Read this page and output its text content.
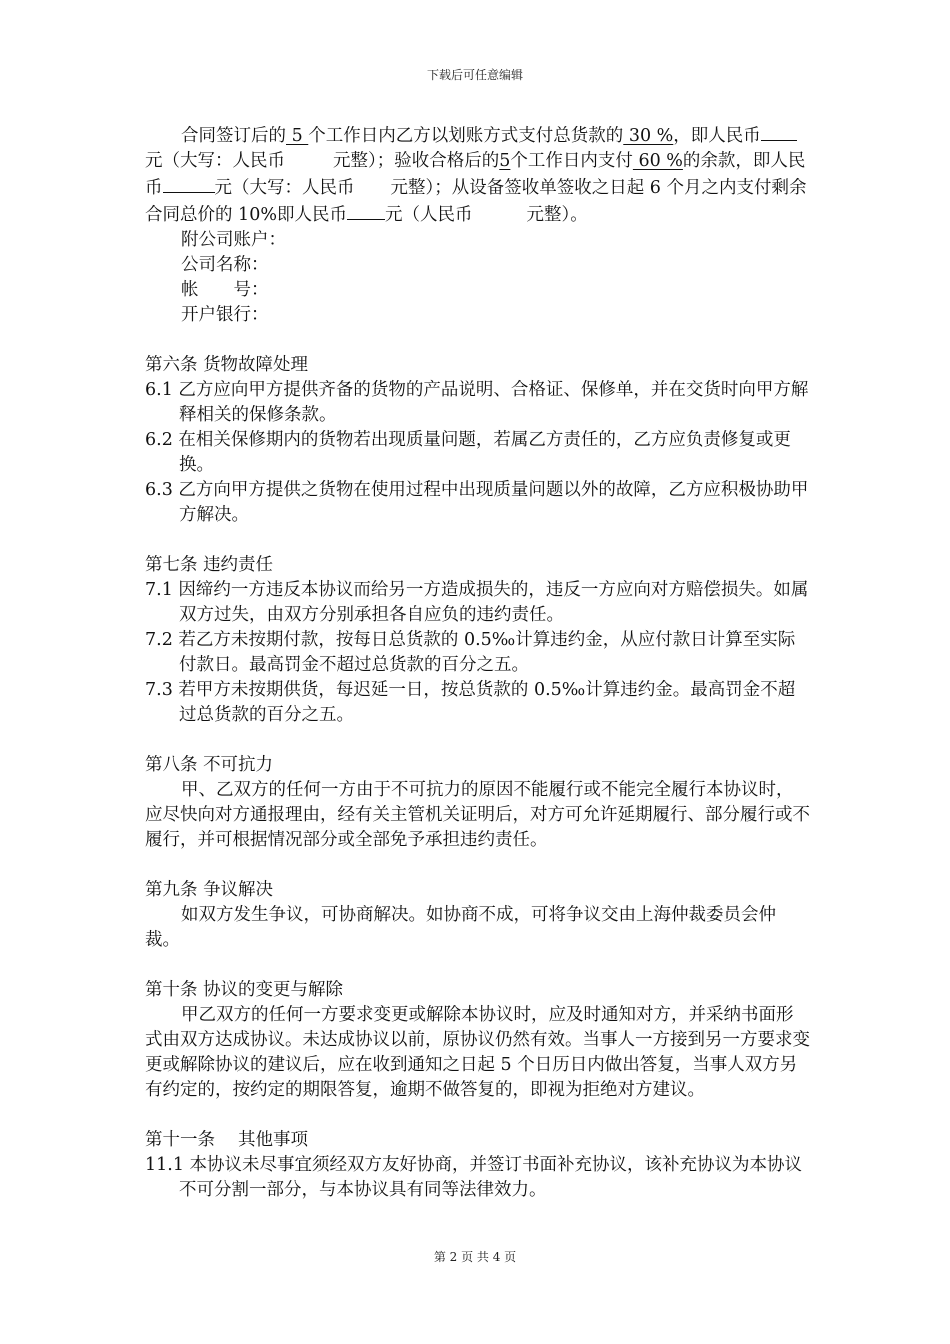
下载后可任意编辑

合同签订后的 5 个工作日内乙方以划账方式支付总货款的 30 %，即人民币元（大写：人民币	元整）；验收合格后的5个工作日内支付 60 %的余款，即人民币	元（大写：人民币 元整）；从设备签收单签收之日起 6 个月之内支付剩余合同总价的 10%即人民币 元（人民币	元整）。

附公司账户：

公司名称：

帐　　号：

开户银行：

第六条 货物故障处理

6.1 乙方应向甲方提供齐备的货物的产品说明、合格证、保修单，并在交货时向甲方解释相关的保修条款。

6.2 在相关保修期内的货物若出现质量问题，若属乙方责任的，乙方应负责修复或更换。

6.3 乙方向甲方提供之货物在使用过程中出现质量问题以外的故障，乙方应积极协助甲方解决。

第七条 违约责任

7.1 因缔约一方违反本协议而给另一方造成损失的，违反一方应向对方赔偿损失。如属双方过失，由双方分别承担各自应负的违约责任。

7.2 若乙方未按期付款，按每日总货款的 0.5‰计算违约金，从应付款日计算至实际付款日。最高罚金不超过总货款的百分之五。

7.3 若甲方未按期供货，每迟延一日，按总货款的 0.5‰计算违约金。最高罚金不超过总货款的百分之五。

第八条 不可抗力

甲、乙双方的任何一方由于不可抗力的原因不能履行或不能完全履行本协议时，应尽快向对方通报理由，经有关主管机关证明后，对方可允许延期履行、部分履行或不履行，并可根据情况部分或全部免予承担违约责任。

第九条 争议解决

如双方发生争议，可协商解决。如协商不成，可将争议交由上海仲裁委员会仲裁。

第十条 协议的变更与解除

甲乙双方的任何一方要求变更或解除本协议时，应及时通知对方，并采纳书面形式由双方达成协议。未达成协议以前，原协议仍然有效。当事人一方接到另一方要求变更或解除协议的建议后，应在收到通知之日起 5 个日历日内做出答复，当事人双方另有约定的，按约定的期限答复，逾期不做答复的，即视为拒绝对方建议。

第十一条　 其他事项

11.1 本协议未尽事宜须经双方友好协商，并签订书面补充协议，该补充协议为本协议不可分割一部分，与本协议具有同等法律效力。

第 2 页 共 4 页
